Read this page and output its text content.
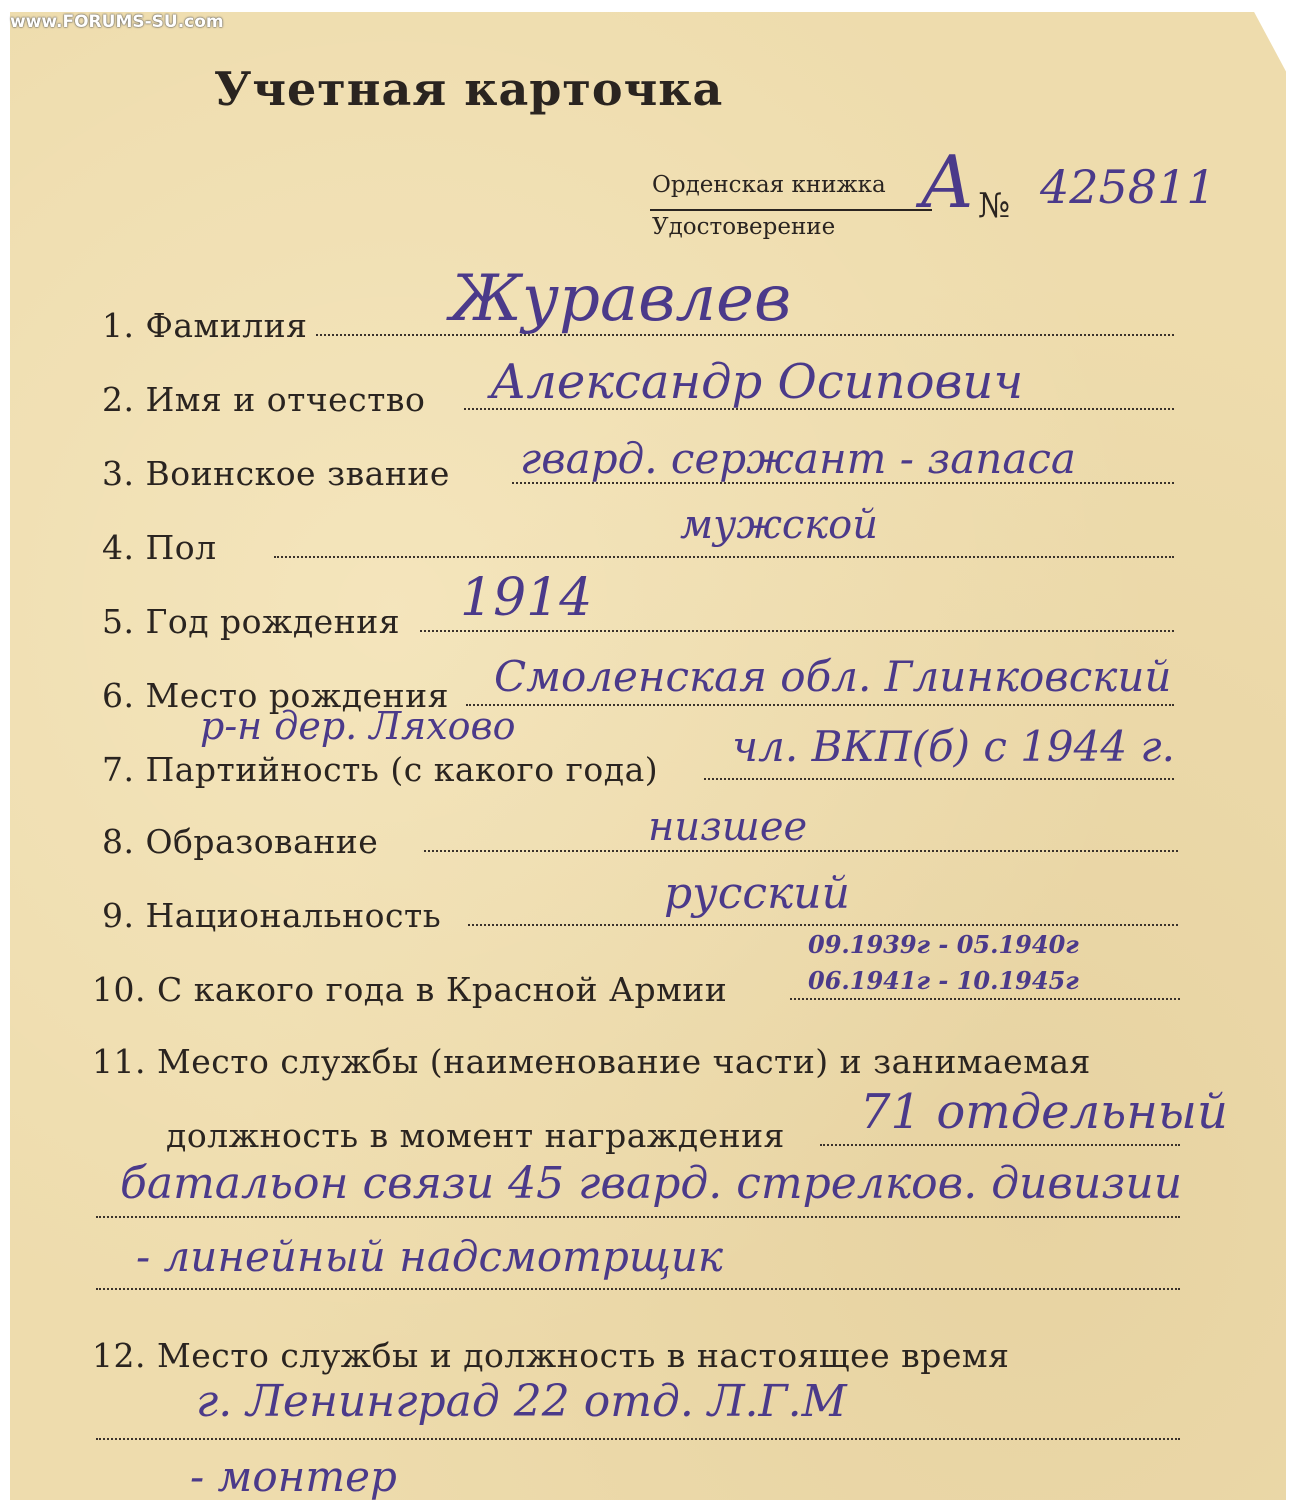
www.FORUMS-SU.com
Учетная карточка
Орденская книжка
Удостоверение
А № 425811
1. Фамилия Журавлев
2. Имя и отчество Александр Осипович
3. Воинское звание гвард. сержант - запаса
4. Пол	мужской
5. Год рождения 1914
6. Место рождения Смоленская обл. Глинковский
р-н дер. Ляхово
7. Партийность (с какого года) чл. ВКП(б) с 1944 г.
8. Образование	низшее
9. Национальность	русский
10. С какого года в Красной Армии
09.1939г - 05.1940г
06.1941г - 10.1945г
11. Место службы (наименование части) и занимаемая
должность в момент награждения 71 отдельный
батальон связи 45 гвард. стрелков. дивизии
- линейный надсмотрщик
12. Место службы и должность в настоящее время
г. Ленинград 22 отд. Л.Г.М
- монтер
